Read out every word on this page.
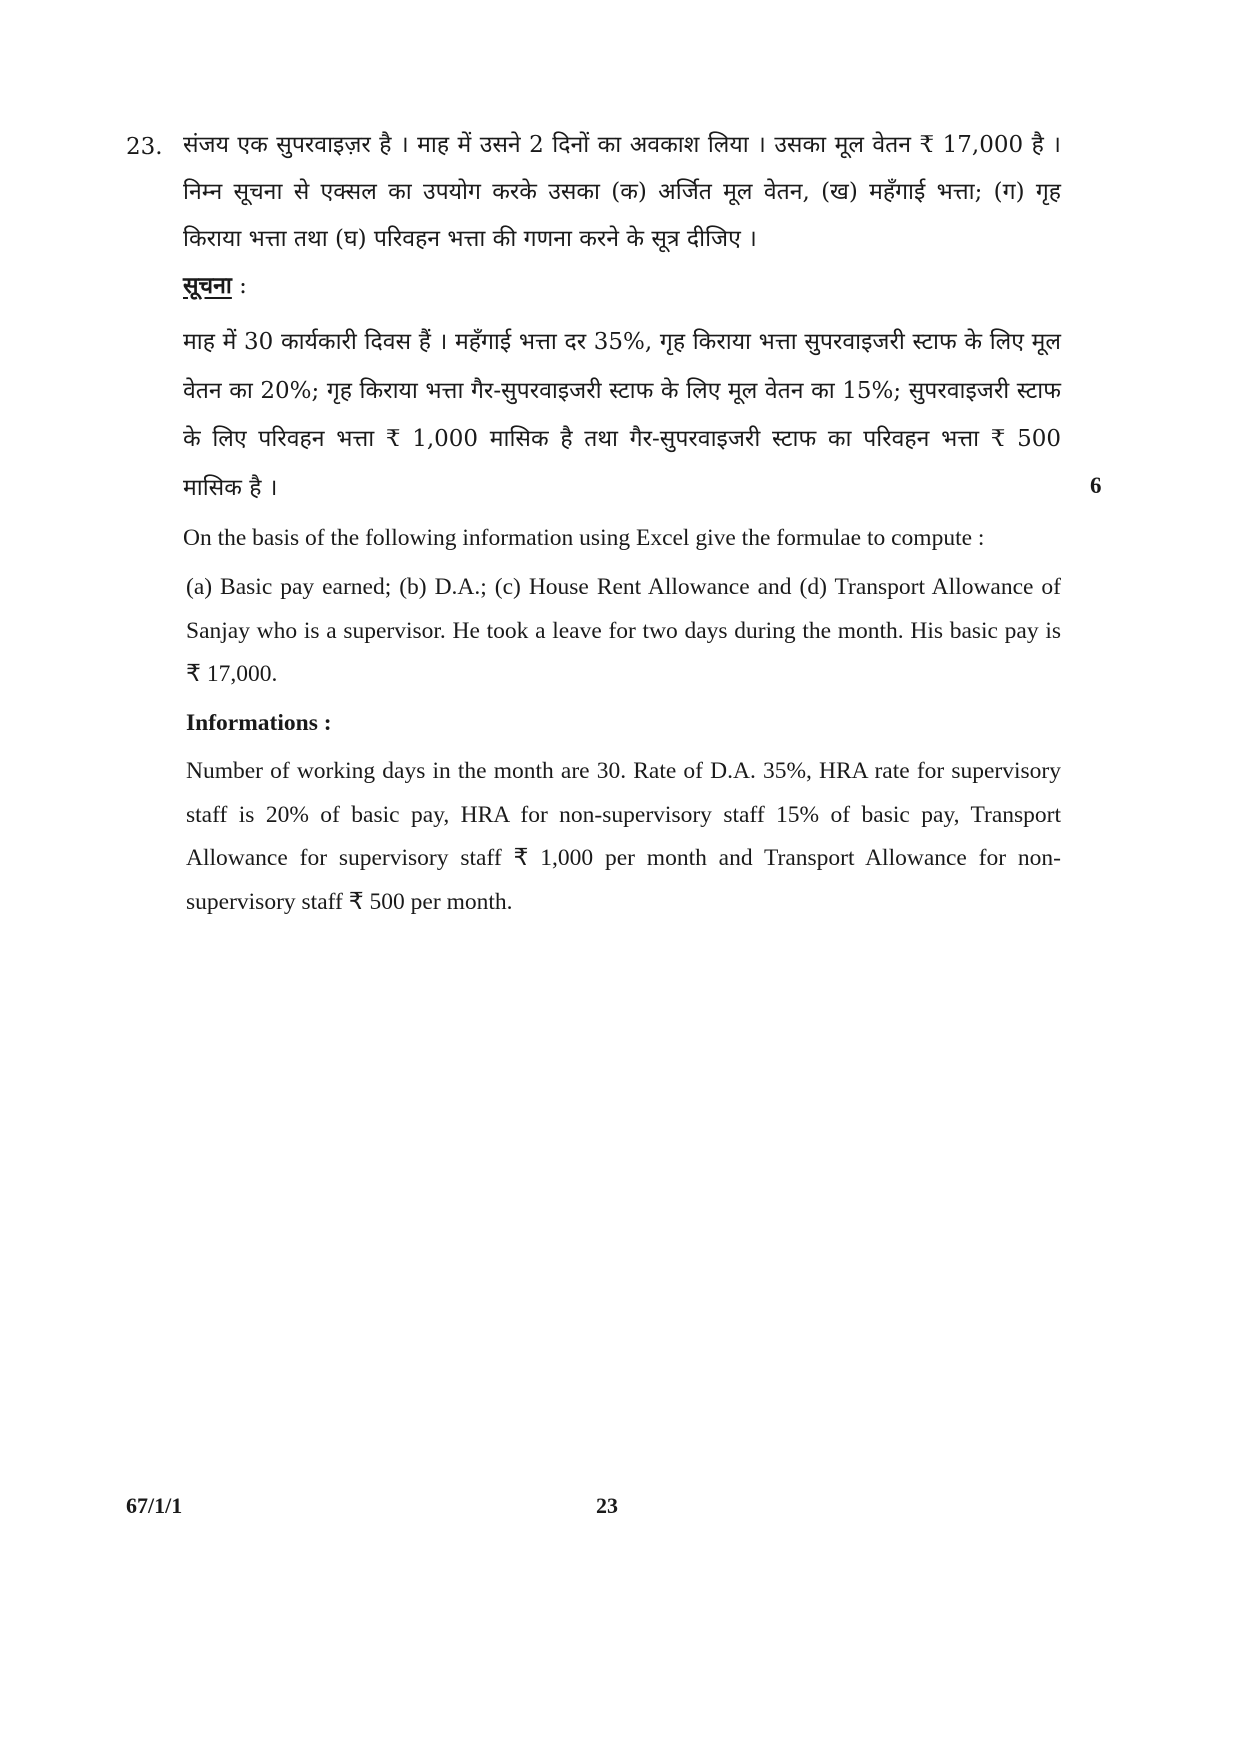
23. संजय एक सुपरवाइज़र है । माह में उसने 2 दिनों का अवकाश लिया । उसका मूल वेतन ₹ 17,000 है । निम्न सूचना से एक्सल का उपयोग करके उसका (क) अर्जित मूल वेतन, (ख) महँगाई भत्ता; (ग) गृह किराया भत्ता तथा (घ) परिवहन भत्ता की गणना करने के सूत्र दीजिए ।
सूचना :
माह में 30 कार्यकारी दिवस हैं । महँगाई भत्ता दर 35%, गृह किराया भत्ता सुपरवाइजरी स्टाफ के लिए मूल वेतन का 20%; गृह किराया भत्ता गैर-सुपरवाइजरी स्टाफ के लिए मूल वेतन का 15%; सुपरवाइजरी स्टाफ के लिए परिवहन भत्ता ₹ 1,000 मासिक है तथा गैर-सुपरवाइजरी स्टाफ का परिवहन भत्ता ₹ 500 मासिक है ।	6
On the basis of the following information using Excel give the formulae to compute :
(a) Basic pay earned; (b) D.A.; (c) House Rent Allowance and (d) Transport Allowance of Sanjay who is a supervisor. He took a leave for two days during the month. His basic pay is ₹ 17,000.
Informations :
Number of working days in the month are 30. Rate of D.A. 35%, HRA rate for supervisory staff is 20% of basic pay, HRA for non-supervisory staff 15% of basic pay, Transport Allowance for supervisory staff ₹ 1,000 per month and Transport Allowance for non-supervisory staff ₹ 500 per month.
67/1/1	23
